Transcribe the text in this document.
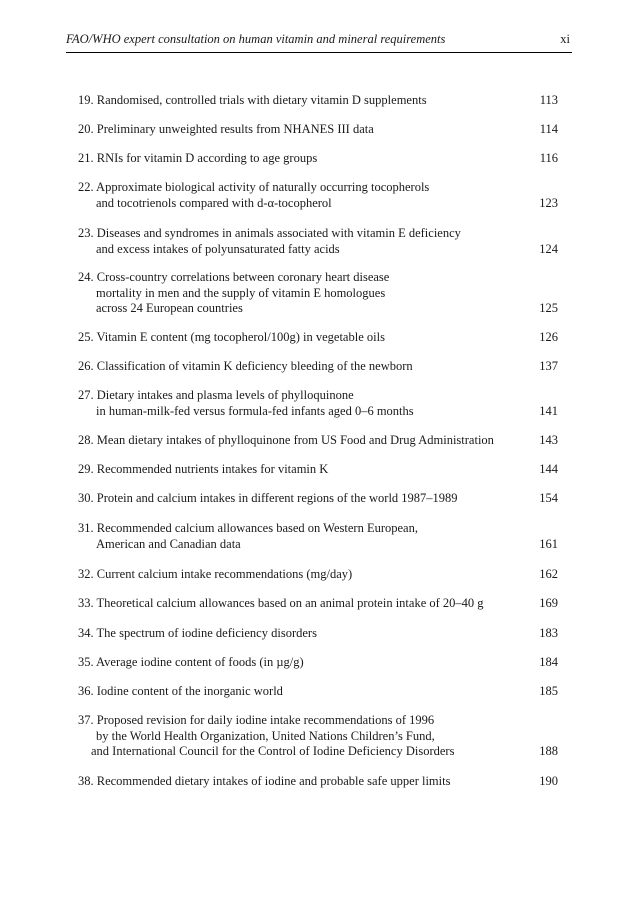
FAO/WHO expert consultation on human vitamin and mineral requirements	xi
19. Randomised, controlled trials with dietary vitamin D supplements	113
20. Preliminary unweighted results from NHANES III data	114
21. RNIs for vitamin D according to age groups	116
22. Approximate biological activity of naturally occurring tocopherols
and tocotrienols compared with d-α-tocopherol	123
23. Diseases and syndromes in animals associated with vitamin E deficiency
and excess intakes of polyunsaturated fatty acids	124
24. Cross-country correlations between coronary heart disease
mortality in men and the supply of vitamin E homologues
across 24 European countries	125
25. Vitamin E content (mg tocopherol/100g) in vegetable oils	126
26. Classification of vitamin K deficiency bleeding of the newborn	137
27. Dietary intakes and plasma levels of phylloquinone
in human-milk-fed versus formula-fed infants aged 0–6 months	141
28. Mean dietary intakes of phylloquinone from US Food and Drug Administration	143
29. Recommended nutrients intakes for vitamin K	144
30. Protein and calcium intakes in different regions of the world 1987–1989	154
31. Recommended calcium allowances based on Western European,
American and Canadian data	161
32. Current calcium intake recommendations (mg/day)	162
33. Theoretical calcium allowances based on an animal protein intake of 20–40 g	169
34. The spectrum of iodine deficiency disorders	183
35. Average iodine content of foods (in µg/g)	184
36. Iodine content of the inorganic world	185
37. Proposed revision for daily iodine intake recommendations of 1996
by the World Health Organization, United Nations Children’s Fund,
and International Council for the Control of Iodine Deficiency Disorders	188
38. Recommended dietary intakes of iodine and probable safe upper limits	190
